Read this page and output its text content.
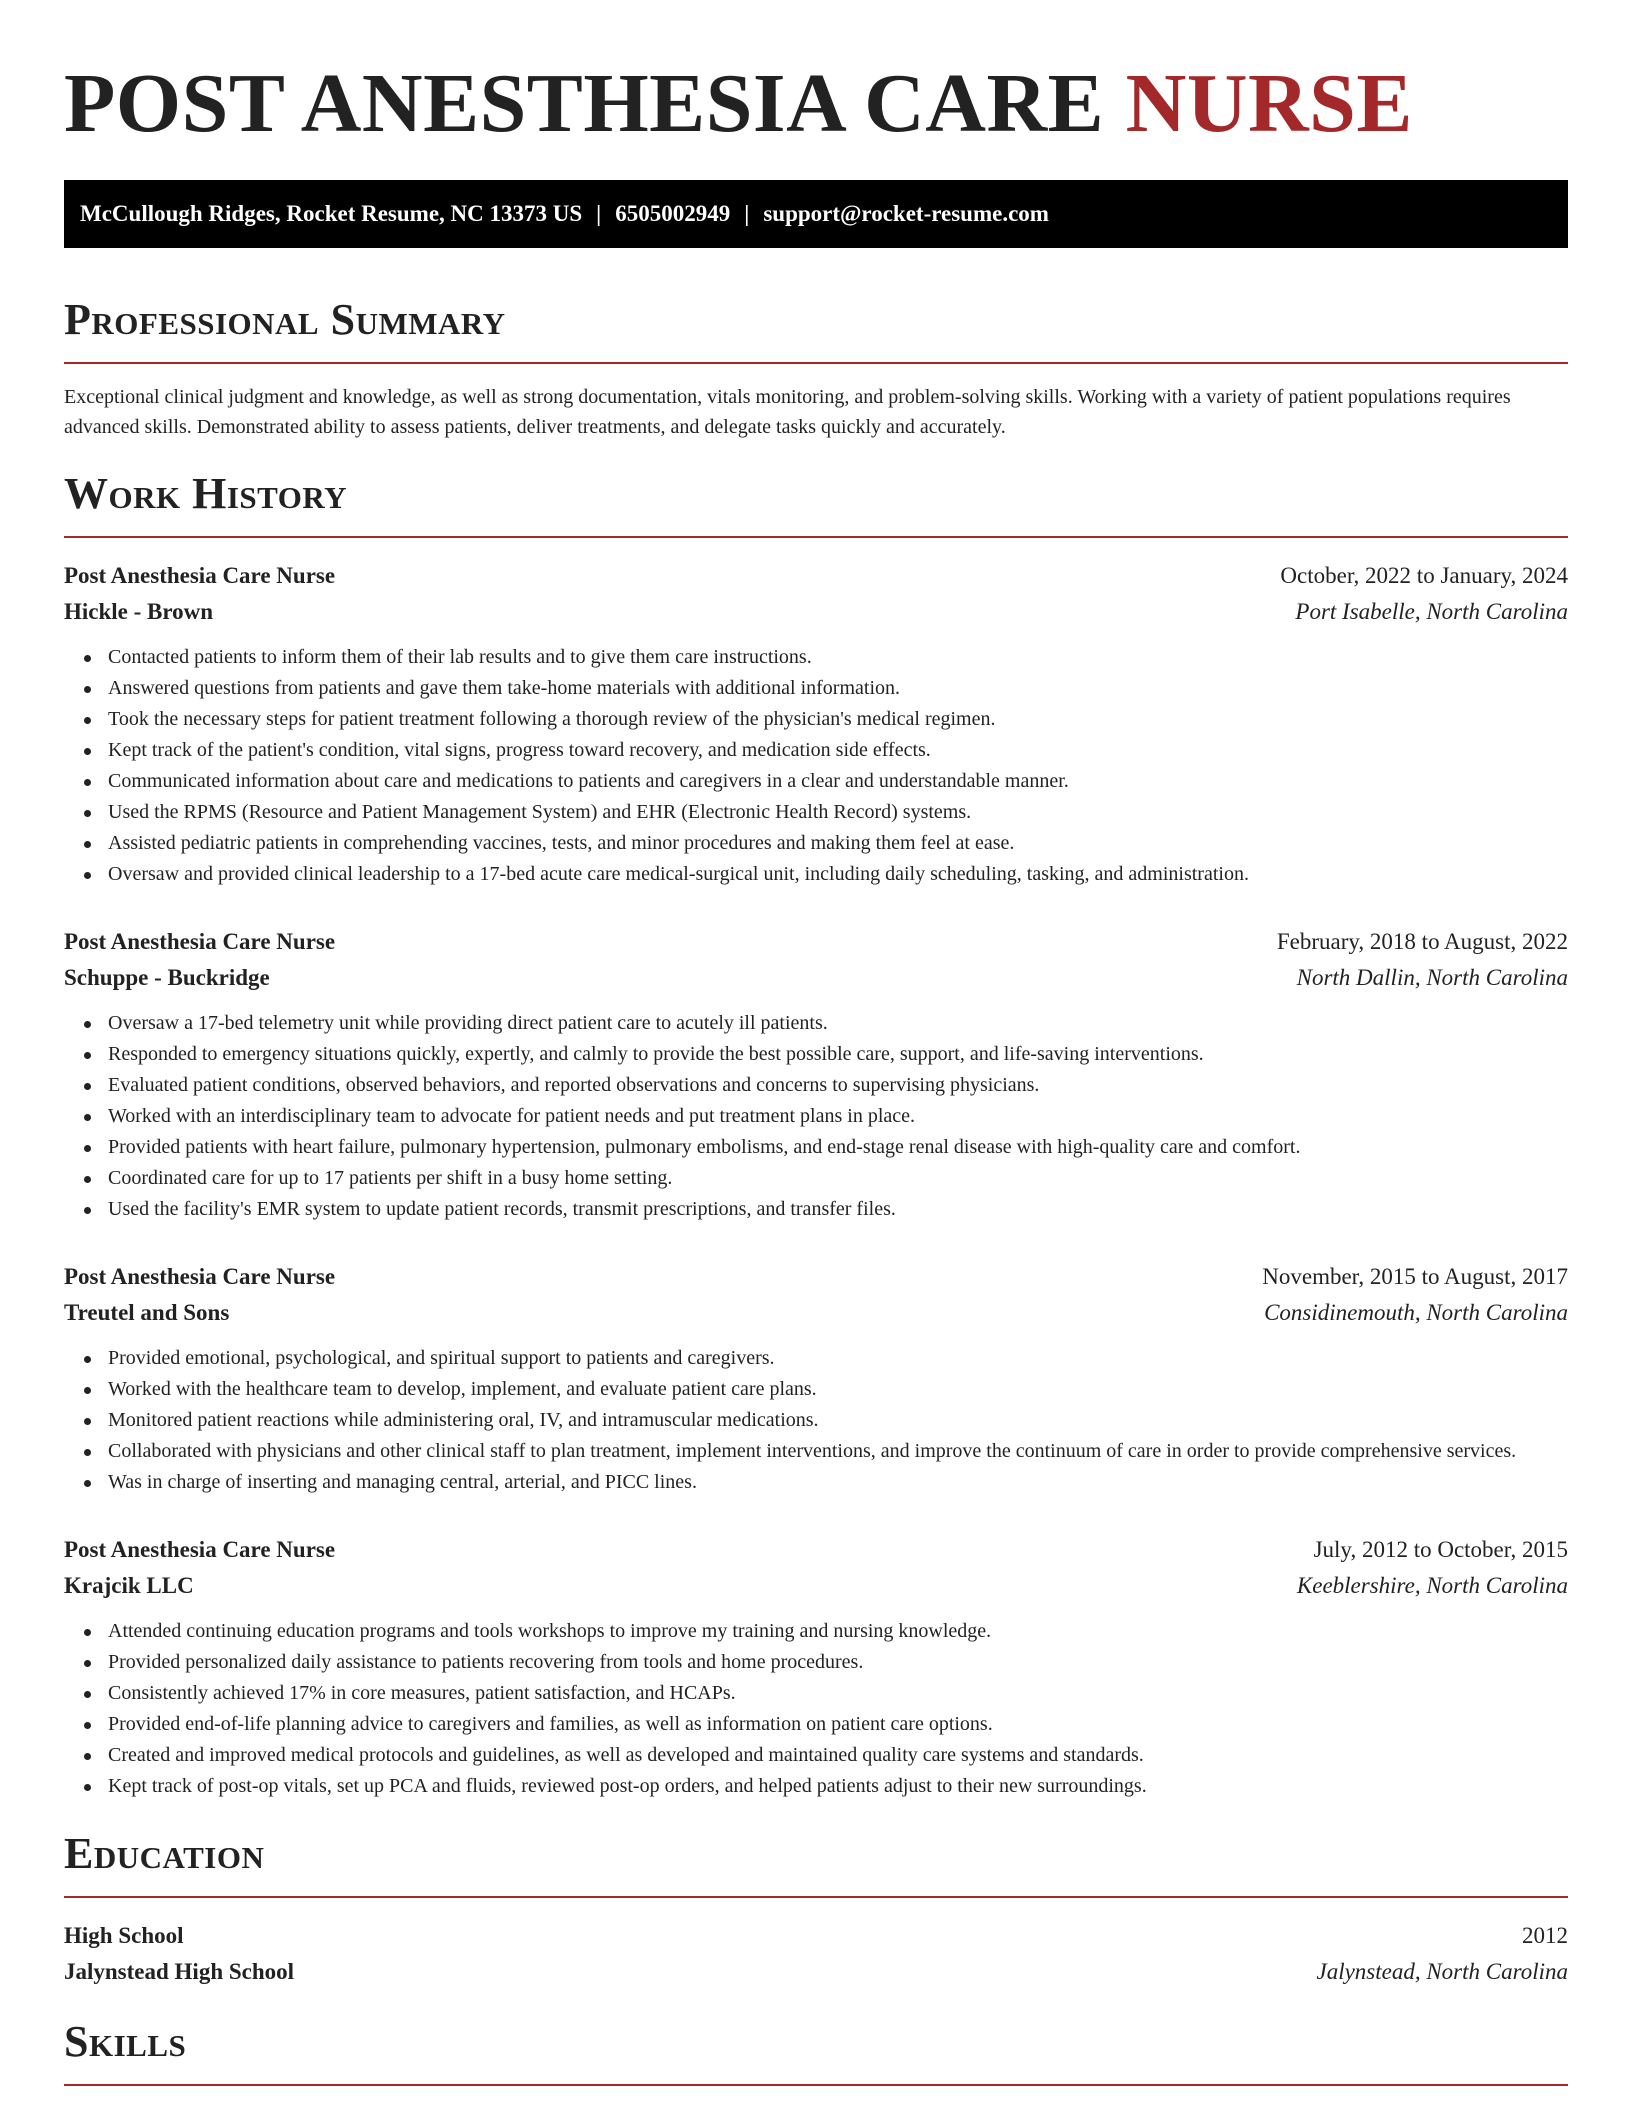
POST ANESTHESIA CARE NURSE
McCullough Ridges, Rocket Resume, NC 13373 US | 6505002949 | support@rocket-resume.com
Professional Summary

Exceptional clinical judgment and knowledge, as well as strong documentation, vitals monitoring, and problem-solving skills. Working with a variety of patient populations requires advanced skills. Demonstrated ability to assess patients, deliver treatments, and delegate tasks quickly and accurately.

Work History
Post Anesthesia Care Nurse	October, 2022 to January, 2024
Hickle - Brown	Port Isabelle, North Carolina
Contacted patients to inform them of their lab results and to give them care instructions.
Answered questions from patients and gave them take-home materials with additional information.
Took the necessary steps for patient treatment following a thorough review of the physician's medical regimen.
Kept track of the patient's condition, vital signs, progress toward recovery, and medication side effects.
Communicated information about care and medications to patients and caregivers in a clear and understandable manner.
Used the RPMS (Resource and Patient Management System) and EHR (Electronic Health Record) systems.
Assisted pediatric patients in comprehending vaccines, tests, and minor procedures and making them feel at ease.
Oversaw and provided clinical leadership to a 17-bed acute care medical-surgical unit, including daily scheduling, tasking, and administration.
Post Anesthesia Care Nurse	February, 2018 to August, 2022
Schuppe - Buckridge	North Dallin, North Carolina
Oversaw a 17-bed telemetry unit while providing direct patient care to acutely ill patients.
Responded to emergency situations quickly, expertly, and calmly to provide the best possible care, support, and life-saving interventions.
Evaluated patient conditions, observed behaviors, and reported observations and concerns to supervising physicians.
Worked with an interdisciplinary team to advocate for patient needs and put treatment plans in place.
Provided patients with heart failure, pulmonary hypertension, pulmonary embolisms, and end-stage renal disease with high-quality care and comfort.
Coordinated care for up to 17 patients per shift in a busy home setting.
Used the facility's EMR system to update patient records, transmit prescriptions, and transfer files.
Post Anesthesia Care Nurse	November, 2015 to August, 2017
Treutel and Sons	Considinemouth, North Carolina
Provided emotional, psychological, and spiritual support to patients and caregivers.
Worked with the healthcare team to develop, implement, and evaluate patient care plans.
Monitored patient reactions while administering oral, IV, and intramuscular medications.
Collaborated with physicians and other clinical staff to plan treatment, implement interventions, and improve the continuum of care in order to provide comprehensive services.
Was in charge of inserting and managing central, arterial, and PICC lines.
Post Anesthesia Care Nurse	July, 2012 to October, 2015
Krajcik LLC	Keeblershire, North Carolina
Attended continuing education programs and tools workshops to improve my training and nursing knowledge.
Provided personalized daily assistance to patients recovering from tools and home procedures.
Consistently achieved 17% in core measures, patient satisfaction, and HCAPs.
Provided end-of-life planning advice to caregivers and families, as well as information on patient care options.
Created and improved medical protocols and guidelines, as well as developed and maintained quality care systems and standards.
Kept track of post-op vitals, set up PCA and fluids, reviewed post-op orders, and helped patients adjust to their new surroundings.
Education
High School	2012
Jalynstead High School	Jalynstead, North Carolina
Skills
